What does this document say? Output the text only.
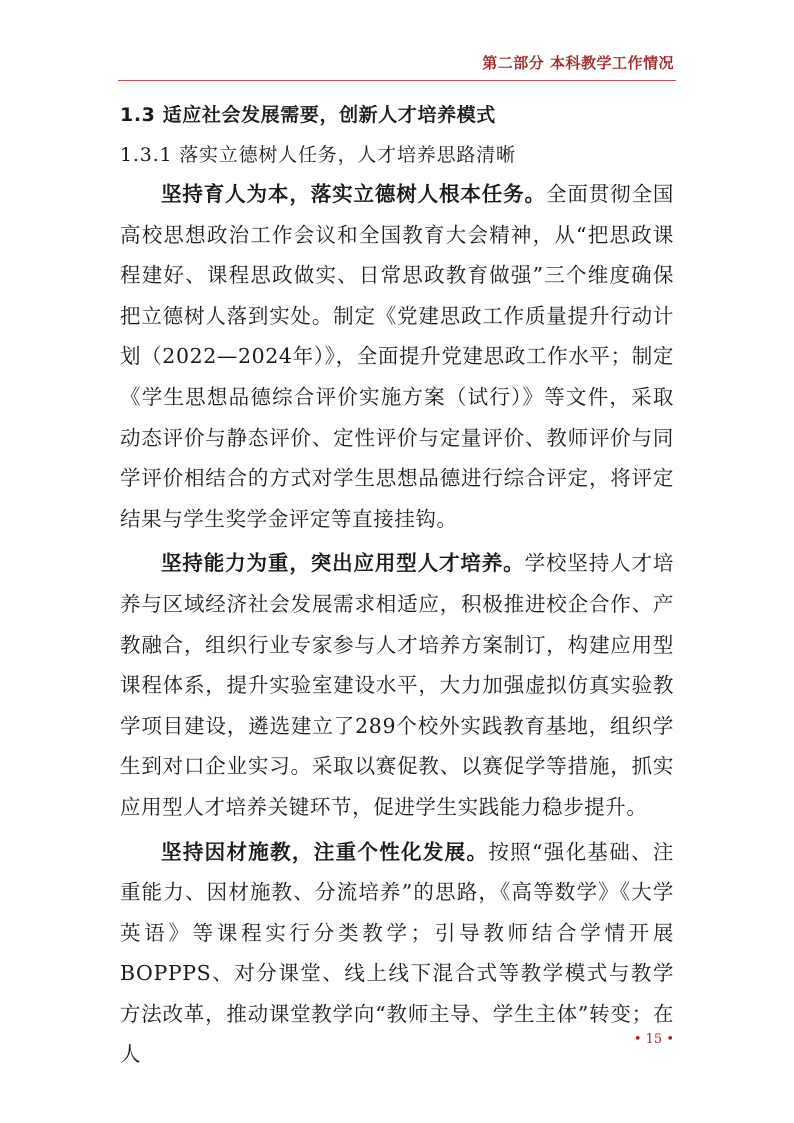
第二部分 本科教学工作情况
1.3 适应社会发展需要，创新人才培养模式
1.3.1 落实立德树人任务，人才培养思路清晰

坚持育人为本，落实立德树人根本任务。全面贯彻全国高校思想政治工作会议和全国教育大会精神，从“把思政课程建好、课程思政做实、日常思政教育做强”三个维度确保把立德树人落到实处。制定《党建思政工作质量提升行动计划（2022—2024年）》，全面提升党建思政工作水平；制定《学生思想品德综合评价实施方案（试行）》等文件，采取动态评价与静态评价、定性评价与定量评价、教师评价与同学评价相结合的方式对学生思想品德进行综合评定，将评定结果与学生奖学金评定等直接挂钩。

坚持能力为重，突出应用型人才培养。学校坚持人才培养与区域经济社会发展需求相适应，积极推进校企合作、产教融合，组织行业专家参与人才培养方案制订，构建应用型课程体系，提升实验室建设水平，大力加强虚拟仿真实验教学项目建设，遴选建立了289个校外实践教育基地，组织学生到对口企业实习。采取以赛促教、以赛促学等措施，抓实应用型人才培养关键环节，促进学生实践能力稳步提升。

坚持因材施教，注重个性化发展。按照“强化基础、注重能力、因材施教、分流培养”的思路，《高等数学》《大学英语》等课程实行分类教学；引导教师结合学情开展BOPPPS、对分课堂、线上线下混合式等教学模式与教学方法改革，推动课堂教学向“教师主导、学生主体”转变；在人

• 15 •
